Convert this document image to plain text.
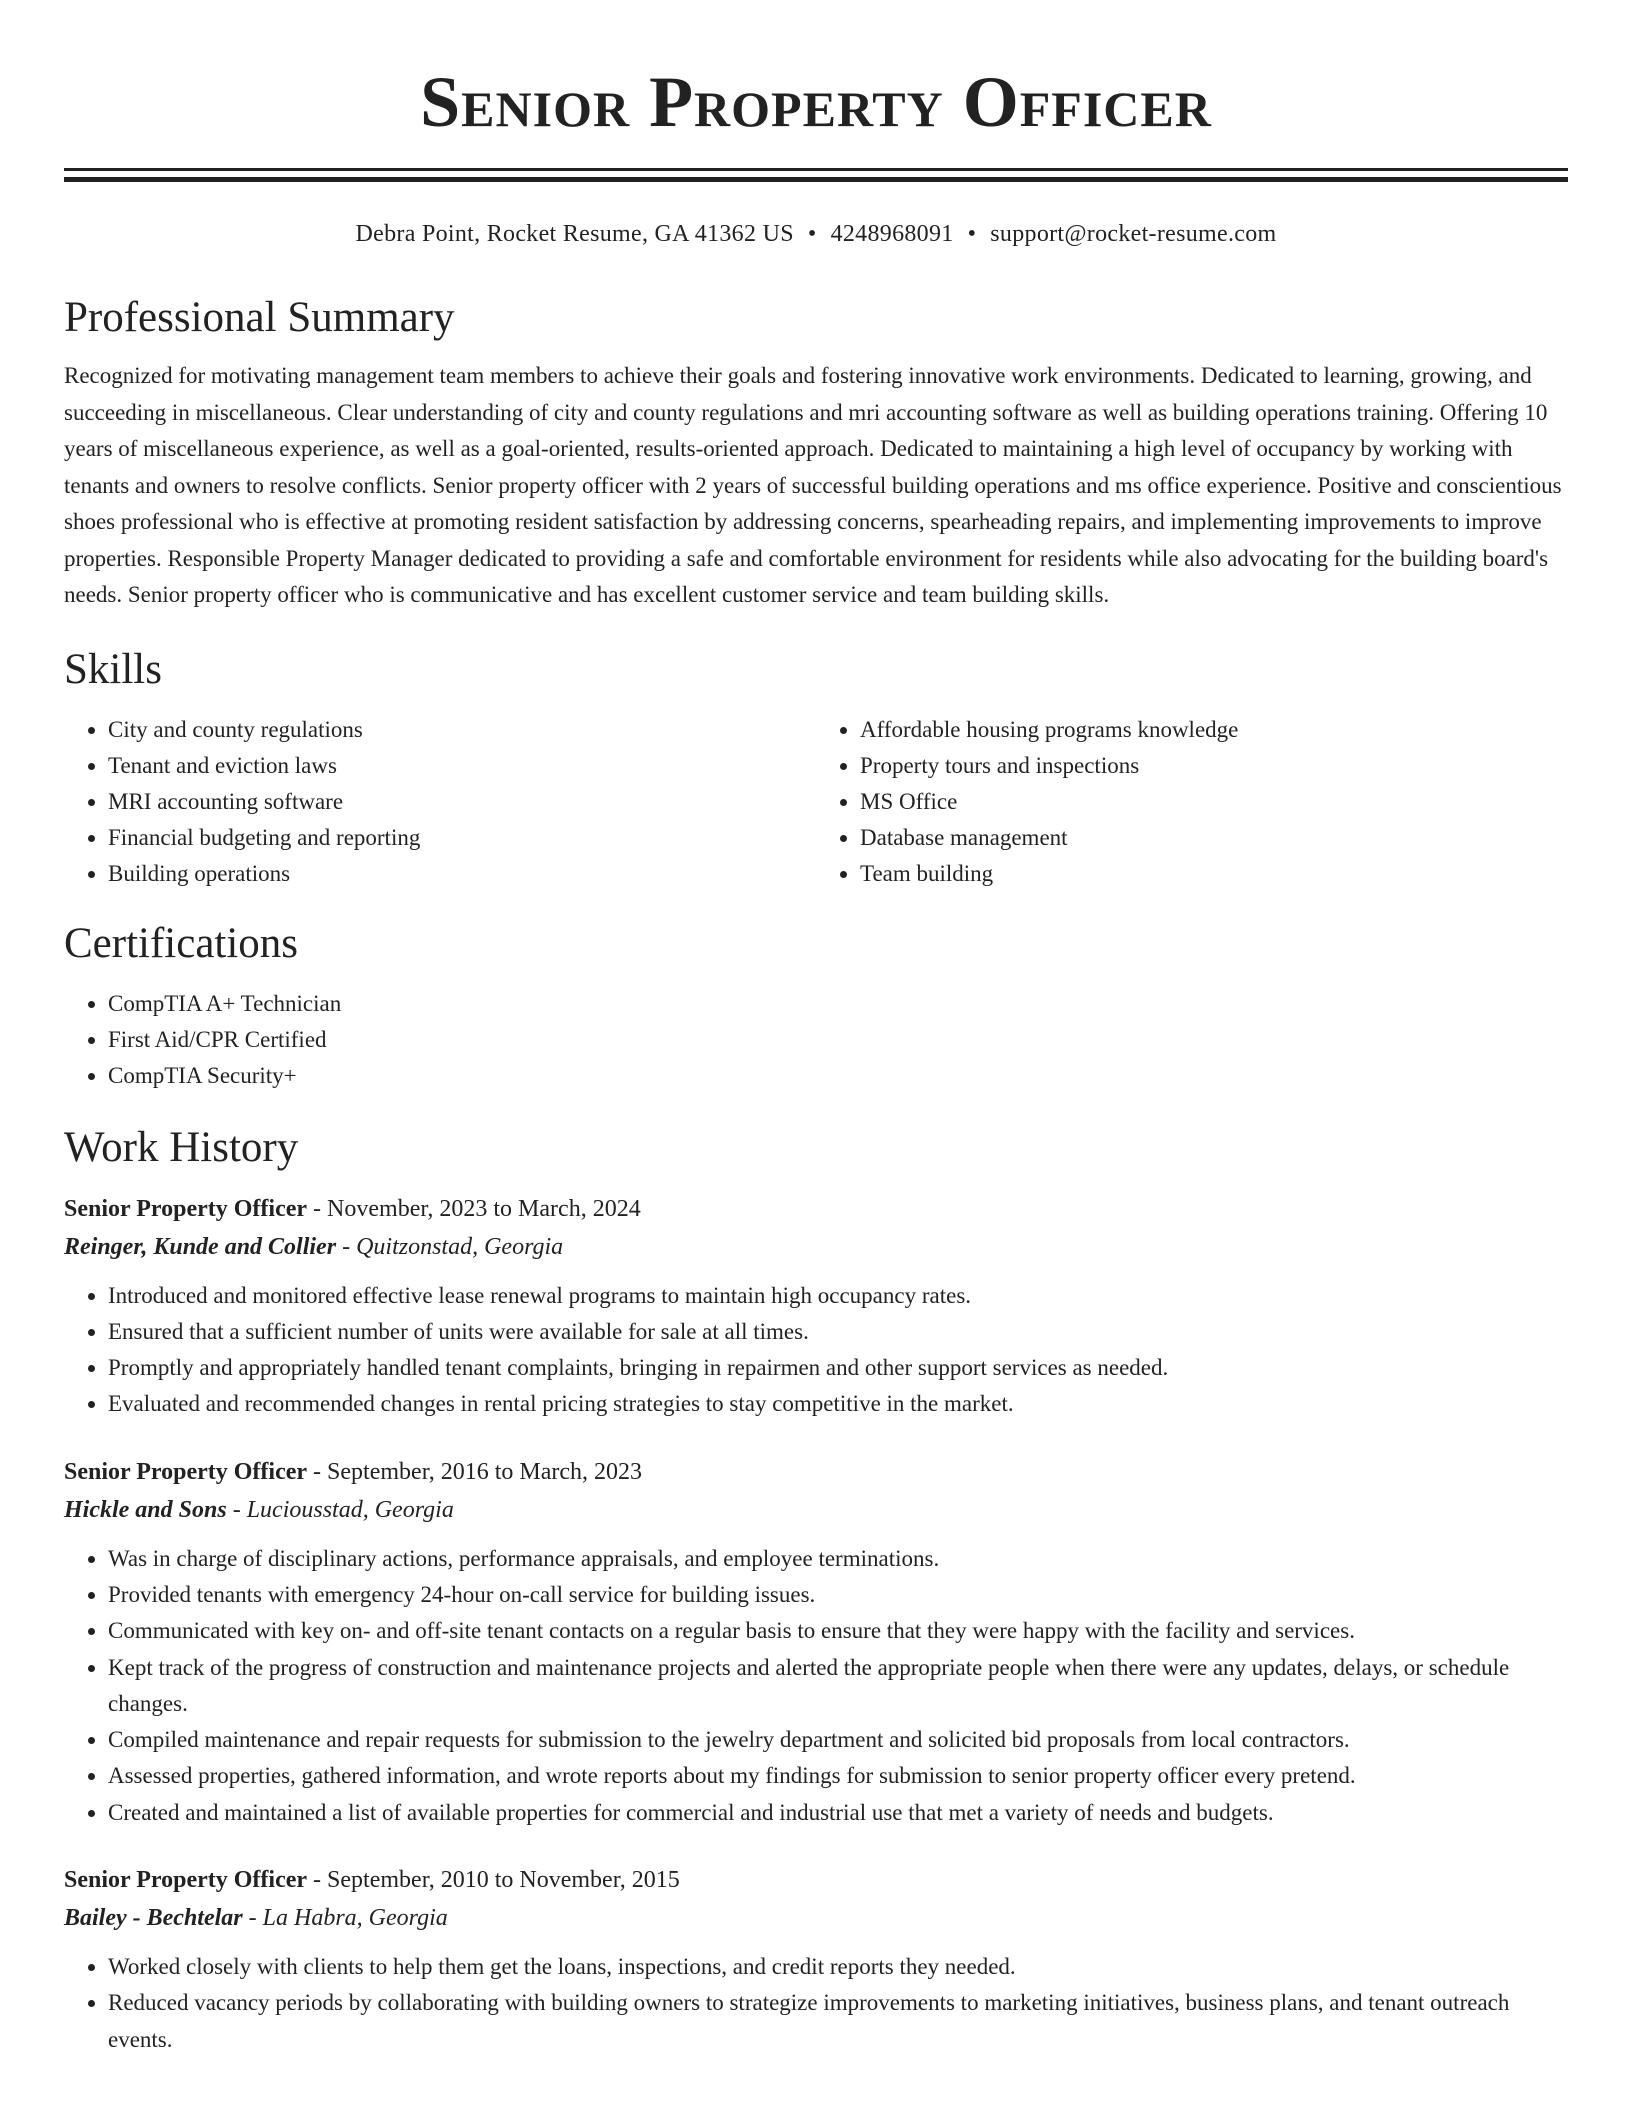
Senior Property Officer
Debra Point, Rocket Resume, GA 41362 US • 4248968091 • support@rocket-resume.com
Professional Summary

Recognized for motivating management team members to achieve their goals and fostering innovative work environments. Dedicated to learning, growing, and succeeding in miscellaneous. Clear understanding of city and county regulations and mri accounting software as well as building operations training. Offering 10 years of miscellaneous experience, as well as a goal-oriented, results-oriented approach. Dedicated to maintaining a high level of occupancy by working with tenants and owners to resolve conflicts. Senior property officer with 2 years of successful building operations and ms office experience. Positive and conscientious shoes professional who is effective at promoting resident satisfaction by addressing concerns, spearheading repairs, and implementing improvements to improve properties. Responsible Property Manager dedicated to providing a safe and comfortable environment for residents while also advocating for the building board's needs. Senior property officer who is communicative and has excellent customer service and team building skills.

Skills
• City and county regulations
• Tenant and eviction laws
• MRI accounting software
• Financial budgeting and reporting
• Building operations
• Affordable housing programs knowledge
• Property tours and inspections
• MS Office
• Database management
• Team building
Certifications
• CompTIA A+ Technician
• First Aid/CPR Certified
• CompTIA Security+
Work History
Senior Property Officer - November, 2023 to March, 2024
Reinger, Kunde and Collier - Quitzonstad, Georgia
• Introduced and monitored effective lease renewal programs to maintain high occupancy rates.
• Ensured that a sufficient number of units were available for sale at all times.
• Promptly and appropriately handled tenant complaints, bringing in repairmen and other support services as needed.
• Evaluated and recommended changes in rental pricing strategies to stay competitive in the market.
Senior Property Officer - September, 2016 to March, 2023
Hickle and Sons - Luciousstad, Georgia
• Was in charge of disciplinary actions, performance appraisals, and employee terminations.
• Provided tenants with emergency 24-hour on-call service for building issues.
• Communicated with key on- and off-site tenant contacts on a regular basis to ensure that they were happy with the facility and services.
• Kept track of the progress of construction and maintenance projects and alerted the appropriate people when there were any updates, delays, or schedule changes.
• Compiled maintenance and repair requests for submission to the jewelry department and solicited bid proposals from local contractors.
• Assessed properties, gathered information, and wrote reports about my findings for submission to senior property officer every pretend.
• Created and maintained a list of available properties for commercial and industrial use that met a variety of needs and budgets.
Senior Property Officer - September, 2010 to November, 2015
Bailey - Bechtelar - La Habra, Georgia
• Worked closely with clients to help them get the loans, inspections, and credit reports they needed.
• Reduced vacancy periods by collaborating with building owners to strategize improvements to marketing initiatives, business plans, and tenant outreach events.
